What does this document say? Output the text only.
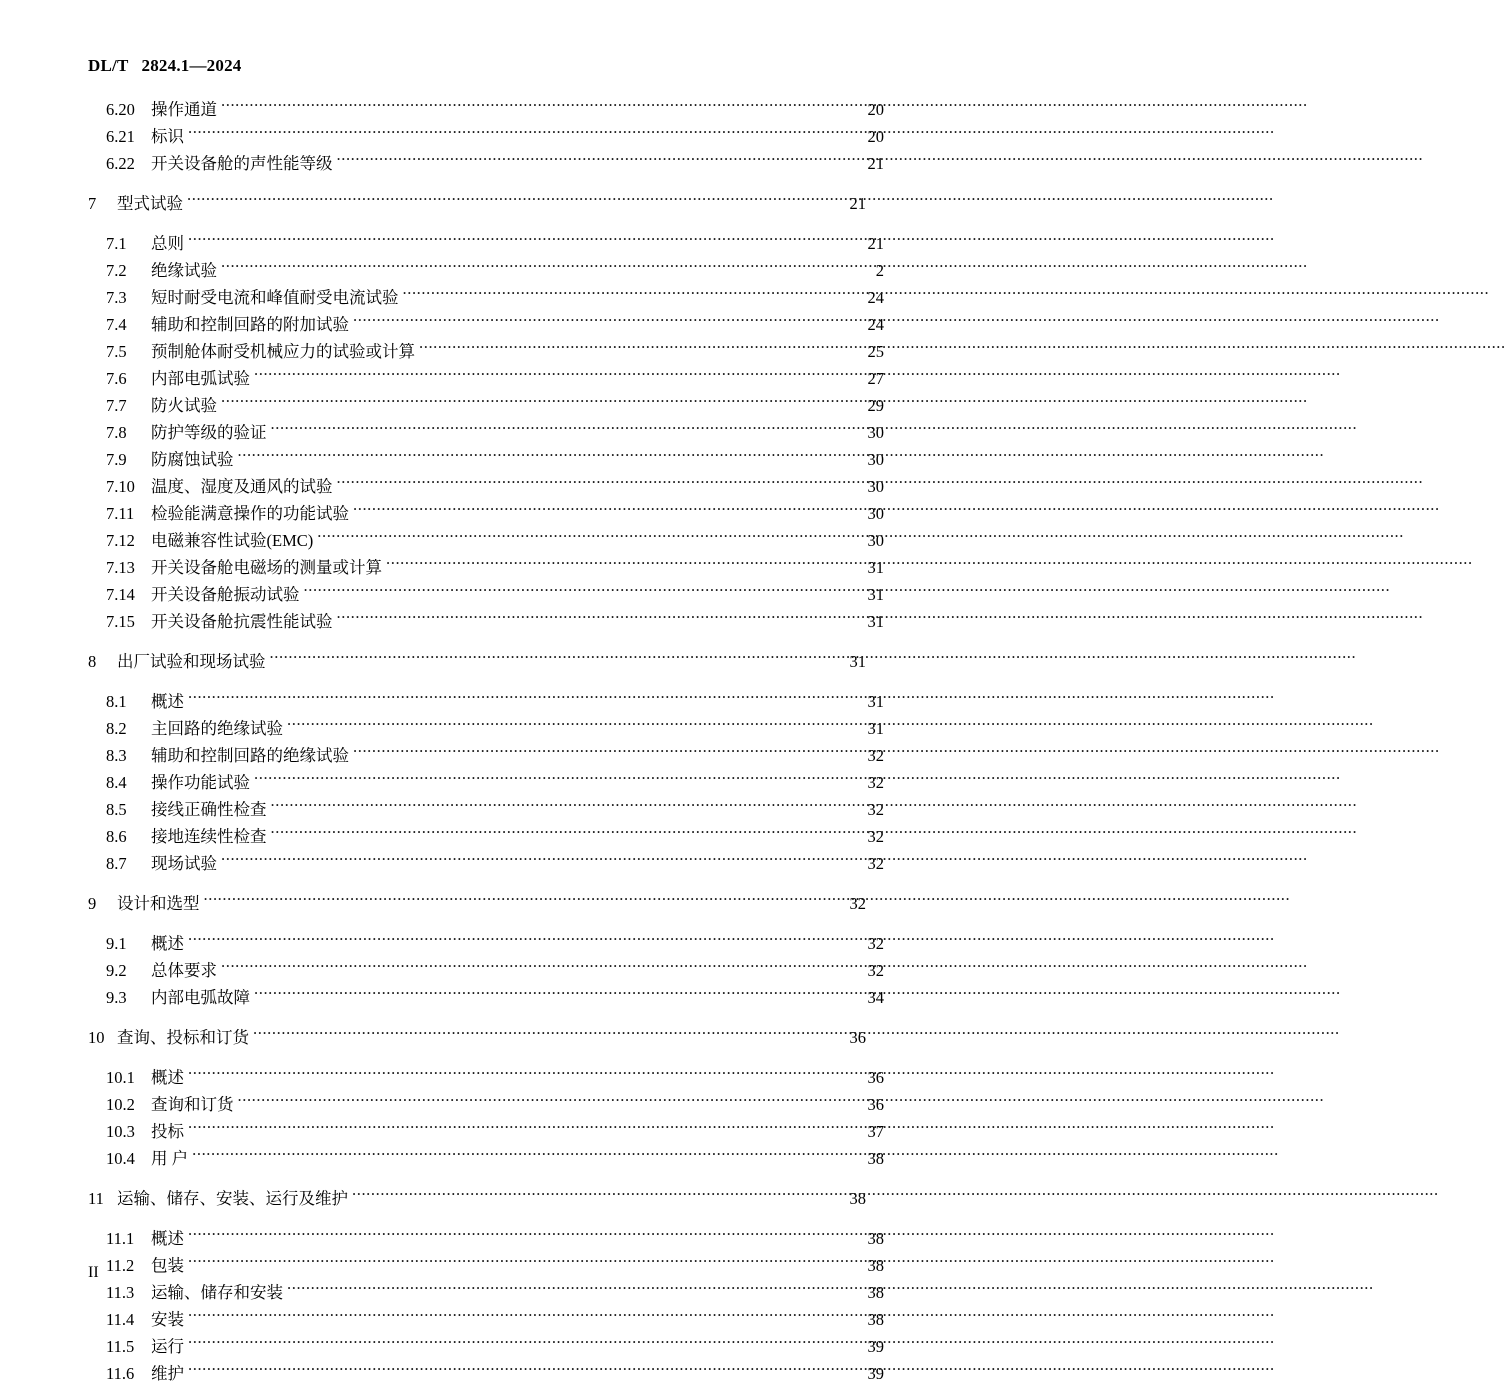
DL/T   2824.1—2024
6.20 操作通道 .....	20
6.21 标识 .....	20
6.22 开关设备舱的声性能等级 .....	21
7	型式试验 .....	21
7.1	总则 .....	21
7.2	绝缘试验 .....	2
7.3	短时耐受电流和峰值耐受电流试验 .....	24
7.4	辅助和控制回路的附加试验 .....	24
7.5	预制舱体耐受机械应力的试验或计算 .....	25
7.6	内部电弧试验 .....	27
7.7	防火试验 .....	29
7.8	防护等级的验证 .....	30
7.9	防腐蚀试验 .....	30
7.10 温度、湿度及通风的试验 .....	30
7.11	检验能满意操作的功能试验 .....	30
7.12 电磁兼容性试验(EMC) .....	30
7.13 开关设备舱电磁场的测量或计算 .....	31
7.14 开关设备舱振动试验 .....	31
7.15 开关设备舱抗震性能试验 .....	31
8	出厂试验和现场试验 .....	31
8.1	概述 .....	31
8.2	主回路的绝缘试验 .....	31
8.3	辅助和控制回路的绝缘试验 .....	32
8.4	操作功能试验 .....	32
8.5	接线正确性检查 .....	32
8.6	接地连续性检查 .....	32
8.7	现场试验 .....	32
9	设计和选型 .....	32
9.1	概述 .....	32
9.2	总体要求 .....	32
9.3	内部电弧故障 .....	34
10 查询、投标和订货 .....	36
10.1 概述 .....	36
10.2 查询和订货 .....	36
10.3 投标 .....	37
10.4 用 户 .....	38
11 运输、储存、安装、运行及维护 .....	38
11.1	概述 .....	38
11.2	包装 .....	38
11.3	运输、储存和安装 .....	38
11.4	安装 .....	38
11.5	运行 .....	39
11.6	维护 .....	39
II
